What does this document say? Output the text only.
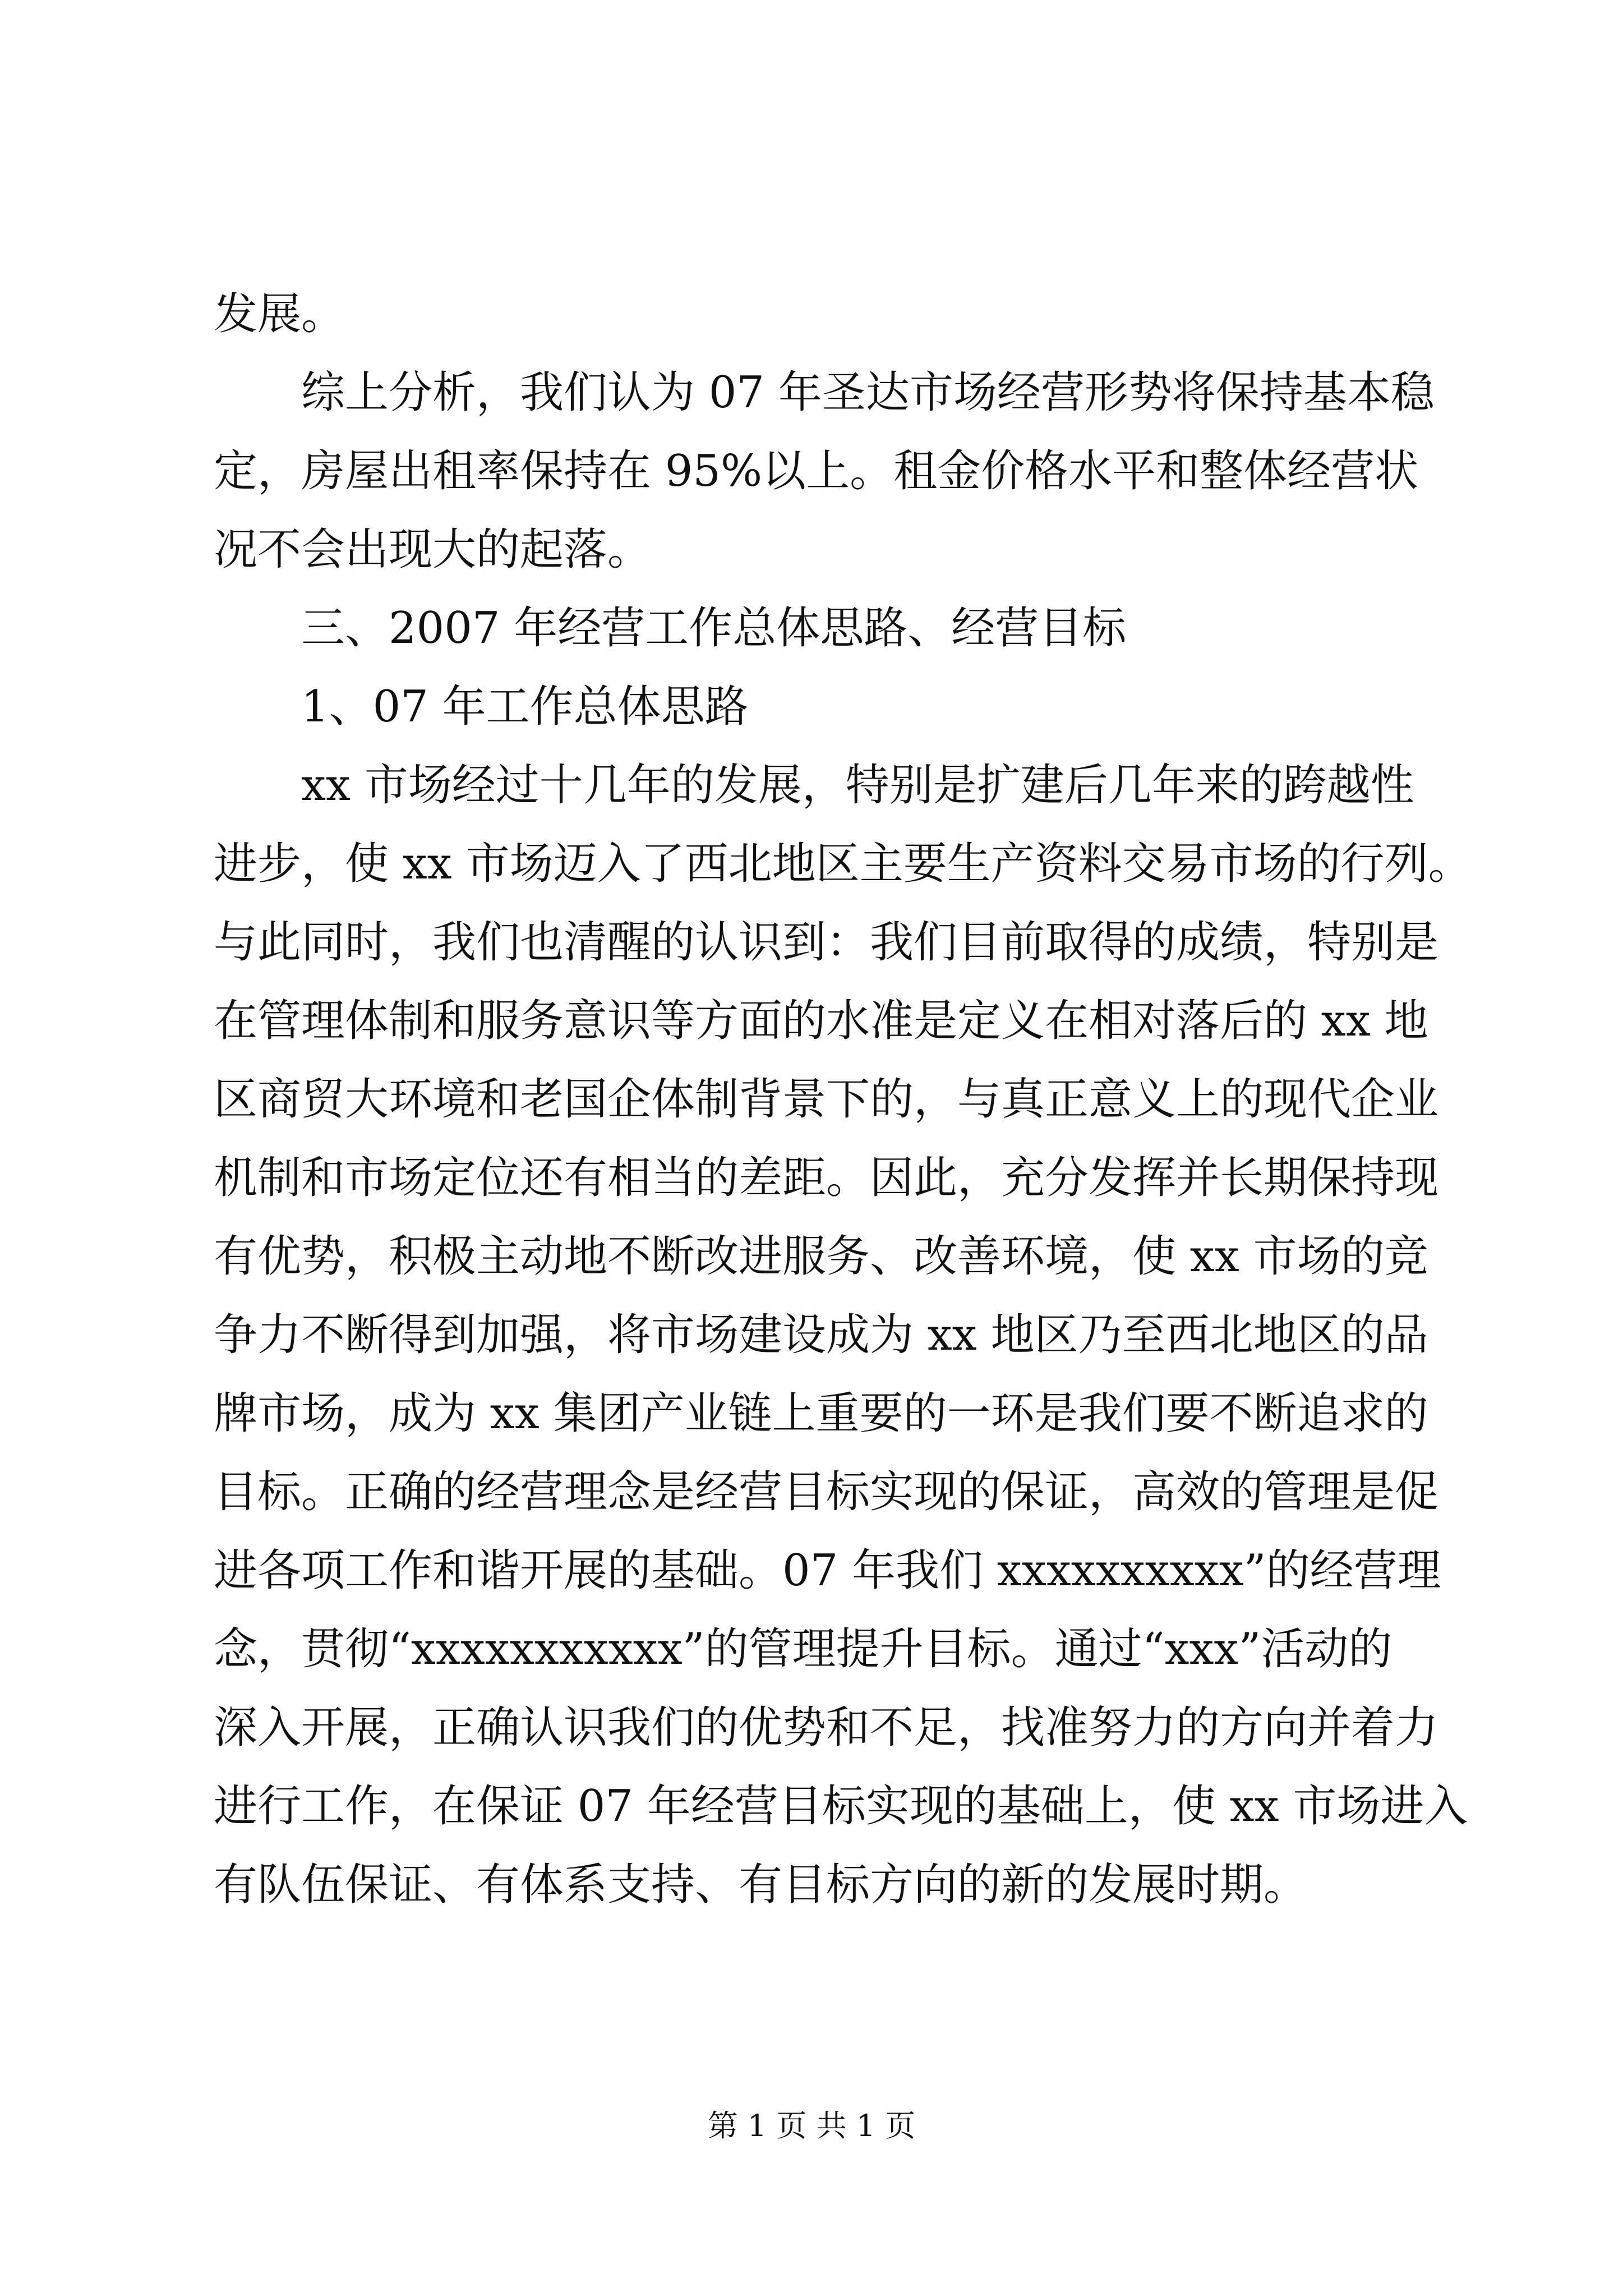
发展。
综上分析，我们认为 07 年圣达市场经营形势将保持基本稳
定，房屋出租率保持在 95%以上。租金价格水平和整体经营状
况不会出现大的起落。
三、2007 年经营工作总体思路、经营目标
1、07 年工作总体思路
xx 市场经过十几年的发展，特别是扩建后几年来的跨越性
进步，使 xx 市场迈入了西北地区主要生产资料交易市场的行列。
与此同时，我们也清醒的认识到：我们目前取得的成绩，特别是
在管理体制和服务意识等方面的水准是定义在相对落后的 xx 地
区商贸大环境和老国企体制背景下的，与真正意义上的现代企业
机制和市场定位还有相当的差距。因此，充分发挥并长期保持现
有优势，积极主动地不断改进服务、改善环境，使 xx 市场的竞
争力不断得到加强，将市场建设成为 xx 地区乃至西北地区的品
牌市场，成为 xx 集团产业链上重要的一环是我们要不断追求的
目标。正确的经营理念是经营目标实现的保证，高效的管理是促
进各项工作和谐开展的基础。07 年我们 xxxxxxxxxx”的经营理
念，贯彻“xxxxxxxxxxx”的管理提升目标。通过“xxx”活动的
深入开展，正确认识我们的优势和不足，找准努力的方向并着力
进行工作，在保证 07 年经营目标实现的基础上，使 xx 市场进入
有队伍保证、有体系支持、有目标方向的新的发展时期。
第 1 页 共 1 页
